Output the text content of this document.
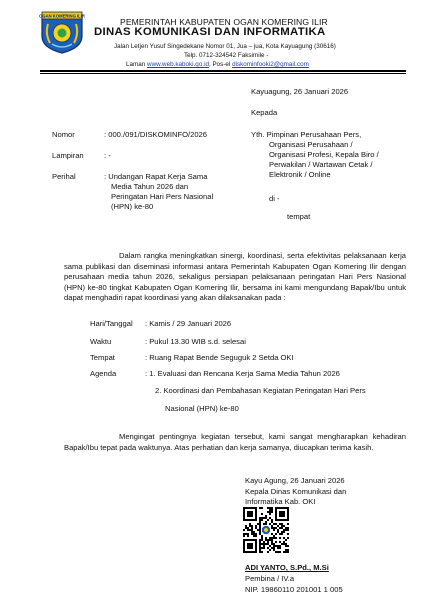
OGAN KOMERING ILIR
PEMERINTAH KABUPATEN OGAN KOMERING ILIR
DINAS KOMUNIKASI DAN INFORMATIKA
Jalan Letjen Yusuf Singedekane Nomor 01, Jua – jua, Kota Kayuagung (30616)
Telp. 0712-324542 Faksimile -
Laman www.web.kaboki.go.id, Pos-el diskominfooki2@gmail.com
Kayuagung, 26 Januari 2026
Kepada
Nomor	: 000./091/DISKOMINFO/2026
Lampiran	: -
Perihal	: Undangan Rapat Kerja Sama
Media Tahun 2026 dan
Peringatan Hari Pers Nasional
(HPN) ke-80
Yth. Pimpinan Perusahaan Pers,
Organisasi Perusahaan /
Organisasi Profesi, Kepala Biro /
Perwakilan / Wartawan Cetak /
Elektronik / Online
di -
tempat
Dalam rangka meningkatkan sinergi, koordinasi, serta efektivitas pelaksanaan kerja sama publikasi dan diseminasi informasi antara Pemerintah Kabupaten Ogan Komering Ilir dengan perusahaan media tahun 2026, sekaligus persiapan pelaksanaan peringatan Hari Pers Nasional (HPN) ke-80 tingkat Kabupaten Ogan Komering Ilir, bersama ini kami mengundang Bapak/Ibu untuk dapat menghadiri rapat koordinasi yang akan dilaksanakan pada :
Hari/Tanggal : Kamis / 29 Januari 2026
Waktu	: Pukul 13.30 WIB s.d. selesai
Tempat	: Ruang Rapat Bende Seguguk 2 Setda OKI
Agenda	: 1. Evaluasi dan Rencana Kerja Sama Media Tahun 2026
2. Koordinasi dan Pembahasan Kegiatan Peringatan Hari Pers
Nasional (HPN) ke-80
Mengingat pentingnya kegiatan tersebut, kami sangat mengharapkan kehadiran Bapak/Ibu tepat pada waktunya. Atas perhatian dan kerja samanya, diucapkan terima kasih.
Kayu Agung, 26 Januari 2026
Kepala Dinas Komunikasi dan
Informatika Kab. OKI
ADI YANTO, S.Pd., M.Si
Pembina / IV.a
NIP. 19860110 201001 1 005
